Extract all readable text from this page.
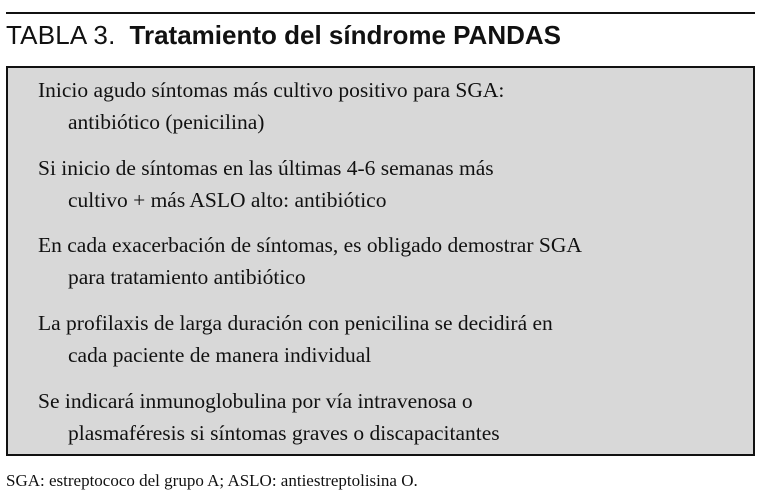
TABLA 3. Tratamiento del síndrome PANDAS
Inicio agudo síntomas más cultivo positivo para SGA:
antibiótico (penicilina)
Si inicio de síntomas en las últimas 4-6 semanas más
cultivo + más ASLO alto: antibiótico
En cada exacerbación de síntomas, es obligado demostrar SGA
para tratamiento antibiótico
La profilaxis de larga duración con penicilina se decidirá en
cada paciente de manera individual
Se indicará inmunoglobulina por vía intravenosa o
plasmaféresis si síntomas graves o discapacitantes
SGA: estreptococo del grupo A; ASLO: antiestreptolisina O.
